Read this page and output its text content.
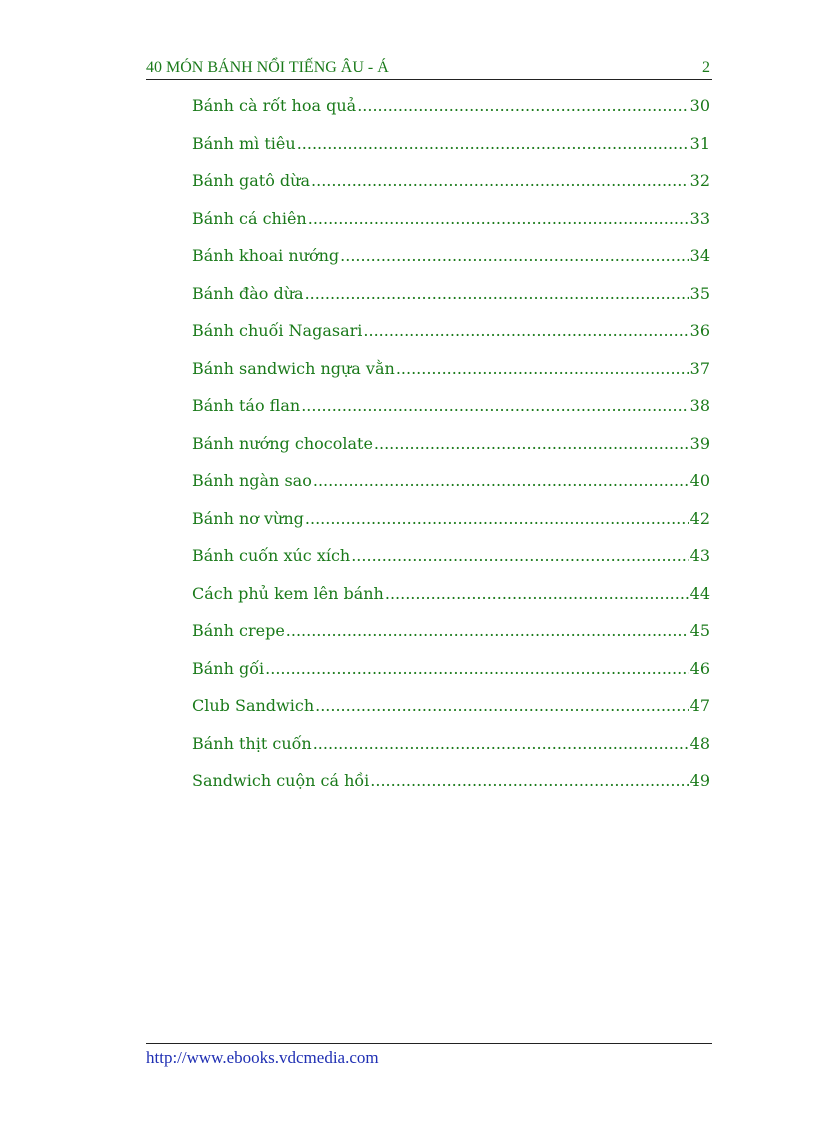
40 MÓN BÁNH NỔI TIẾNG ÂU - Á	2
Bánh cà rốt hoa quả .....	30
Bánh mì tiêu .....	31
Bánh gatô dừa .....	32
Bánh cá chiên .....	33
Bánh khoai nướng .....	34
Bánh đào dừa .....	35
Bánh chuối Nagasari .....	36
Bánh sandwich ngựa vằn .....	37
Bánh táo flan .....	38
Bánh nướng chocolate .....	39
Bánh ngàn sao .....	40
Bánh nơ vừng .....	42
Bánh cuốn xúc xích .....	43
Cách phủ kem lên bánh .....	44
Bánh crepe .....	45
Bánh gối .....	46
Club Sandwich .....	47
Bánh thịt cuốn .....	48
Sandwich cuộn cá hồi .....	49
http://www.ebooks.vdcmedia.com
